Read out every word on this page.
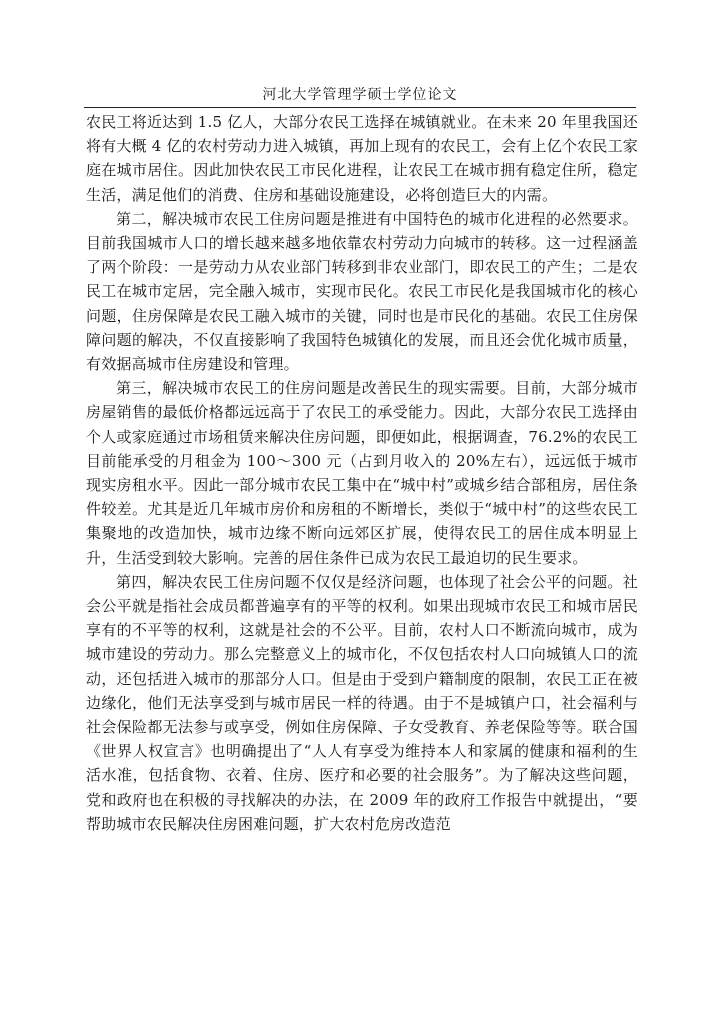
河北大学管理学硕士学位论文

农民工将近达到 1.5 亿人，大部分农民工选择在城镇就业。在未来 20 年里我国还将有大概 4 亿的农村劳动力进入城镇，再加上现有的农民工，会有上亿个农民工家庭在城市居住。因此加快农民工市民化进程，让农民工在城市拥有稳定住所，稳定生活，满足他们的消费、住房和基础设施建设，必将创造巨大的内需。

第二，解决城市农民工住房问题是推进有中国特色的城市化进程的必然要求。目前我国城市人口的增长越来越多地依靠农村劳动力向城市的转移。这一过程涵盖了两个阶段：一是劳动力从农业部门转移到非农业部门，即农民工的产生；二是农民工在城市定居，完全融入城市，实现市民化。农民工市民化是我国城市化的核心问题，住房保障是农民工融入城市的关键，同时也是市民化的基础。农民工住房保障问题的解决，不仅直接影响了我国特色城镇化的发展，而且还会优化城市质量，有效据高城市住房建设和管理。

第三，解决城市农民工的住房问题是改善民生的现实需要。目前，大部分城市房屋销售的最低价格都远远高于了农民工的承受能力。因此，大部分农民工选择由个人或家庭通过市场租赁来解决住房问题，即便如此，根据调查，76.2%的农民工目前能承受的月租金为 100～300 元（占到月收入的 20%左右），远远低于城市现实房租水平。因此一部分城市农民工集中在“城中村”或城乡结合部租房，居住条件较差。尤其是近几年城市房价和房租的不断增长，类似于“城中村”的这些农民工集聚地的改造加快，城市边缘不断向远郊区扩展，使得农民工的居住成本明显上升，生活受到较大影响。完善的居住条件已成为农民工最迫切的民生要求。

第四，解决农民工住房问题不仅仅是经济问题，也体现了社会公平的问题。社会公平就是指社会成员都普遍享有的平等的权利。如果出现城市农民工和城市居民享有的不平等的权利，这就是社会的不公平。目前，农村人口不断流向城市，成为城市建设的劳动力。那么完整意义上的城市化，不仅包括农村人口向城镇人口的流动，还包括进入城市的那部分人口。但是由于受到户籍制度的限制，农民工正在被边缘化，他们无法享受到与城市居民一样的待遇。由于不是城镇户口，社会福利与社会保险都无法参与或享受，例如住房保障、子女受教育、养老保险等等。联合国《世界人权宣言》也明确提出了“人人有享受为维持本人和家属的健康和福利的生活水准，包括食物、衣着、住房、医疗和必要的社会服务”。为了解决这些问题，党和政府也在积极的寻找解决的办法，在 2009 年的政府工作报告中就提出，“要帮助城市农民解决住房困难问题，扩大农村危房改造范
